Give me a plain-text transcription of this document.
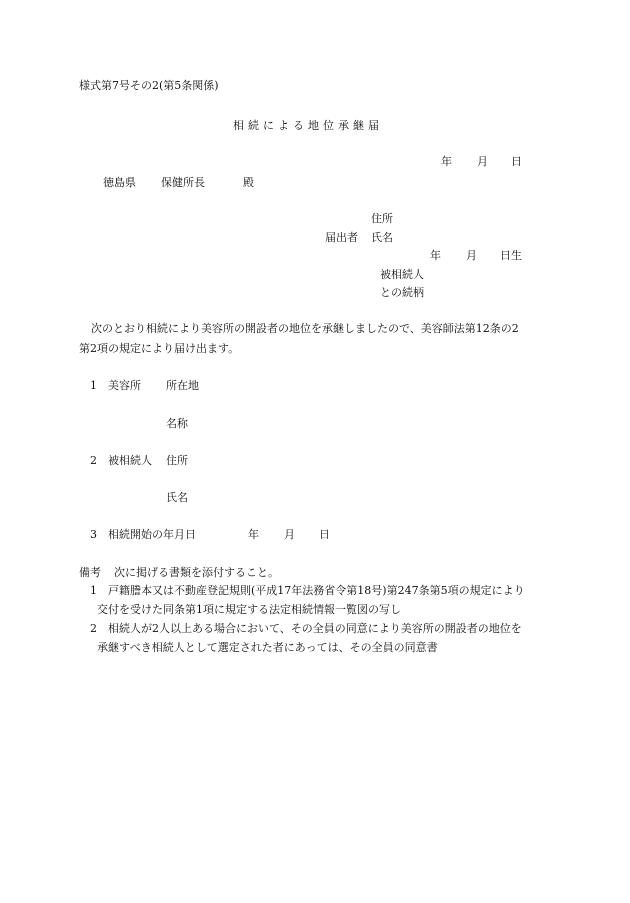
様式第7号その2(第5条関係)
相続による地位承継届
年 月 日
徳島県 保健所長	殿
住所
届出者 氏名
年 月 日生
被相続人
との続柄
次のとおり相続により美容所の開設者の地位を承継しましたので、美容師法第12条の2
第2項の規定により届け出ます。
1 美容所 所在地
名称
2 被相続人 住所
氏名
3 相続開始の年月日	年 月 日
備考 次に掲げる書類を添付すること。
1 戸籍謄本又は不動産登記規則(平成17年法務省令第18号)第247条第5項の規定により
交付を受けた同条第1項に規定する法定相続情報一覧図の写し
2 相続人が2人以上ある場合において、その全員の同意により美容所の開設者の地位を
承継すべき相続人として選定された者にあっては、その全員の同意書
